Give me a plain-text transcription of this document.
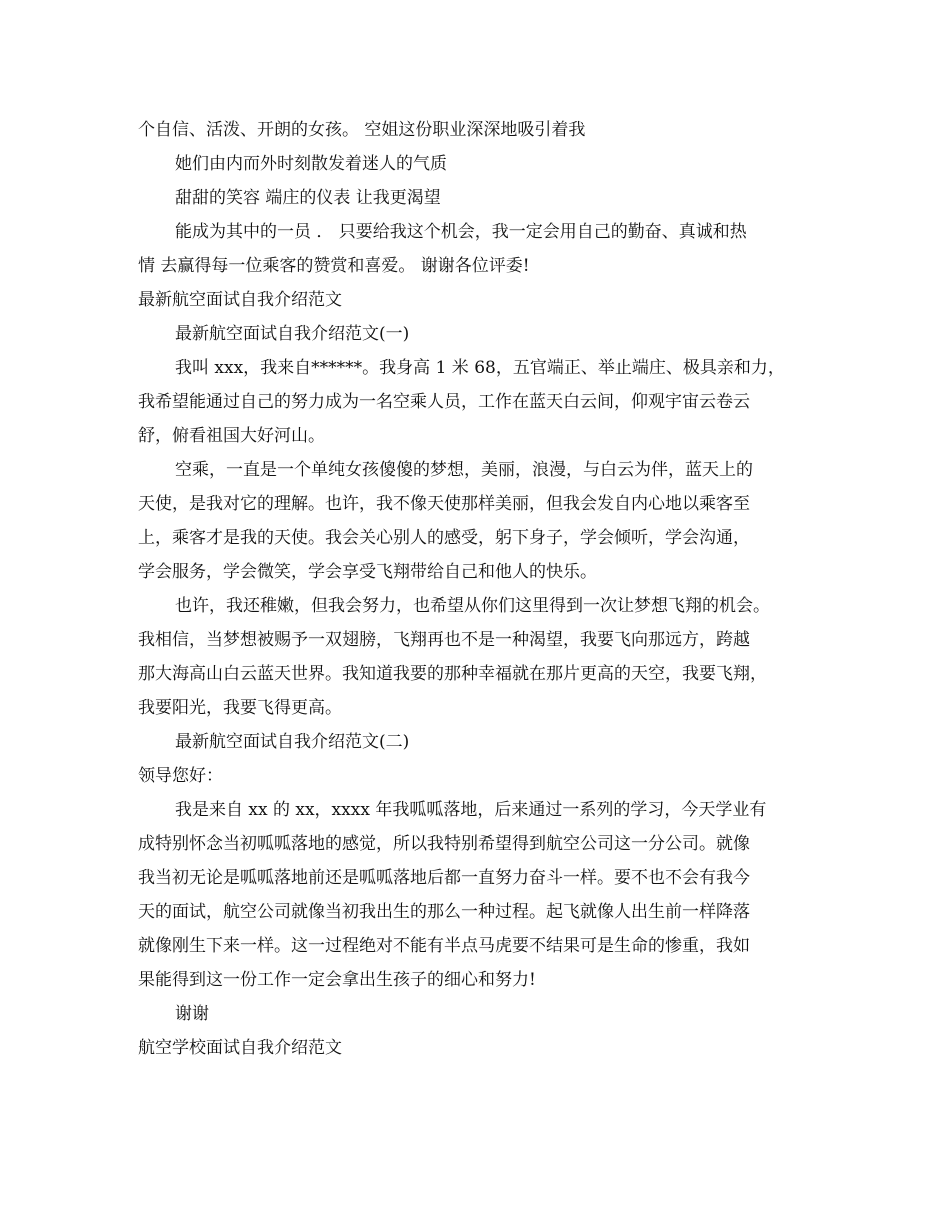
个自信、活泼、开朗的女孩。 空姐这份职业深深地吸引着我
她们由内而外时刻散发着迷人的气质
甜甜的笑容 端庄的仪表 让我更渴望
能成为其中的一员 ． 只要给我这个机会，我一定会用自己的勤奋、真诚和热
情 去赢得每一位乘客的赞赏和喜爱。 谢谢各位评委!
最新航空面试自我介绍范文
最新航空面试自我介绍范文(一)
我叫 xxx，我来自******。我身高 1 米 68，五官端正、举止端庄、极具亲和力，
我希望能通过自己的努力成为一名空乘人员，工作在蓝天白云间，仰观宇宙云卷云
舒，俯看祖国大好河山。
空乘，一直是一个单纯女孩傻傻的梦想，美丽，浪漫，与白云为伴，蓝天上的
天使，是我对它的理解。也许，我不像天使那样美丽，但我会发自内心地以乘客至
上，乘客才是我的天使。我会关心别人的感受，躬下身子，学会倾听，学会沟通，
学会服务，学会微笑，学会享受飞翔带给自己和他人的快乐。
也许，我还稚嫩，但我会努力，也希望从你们这里得到一次让梦想飞翔的机会。
我相信，当梦想被赐予一双翅膀，飞翔再也不是一种渴望，我要飞向那远方，跨越
那大海高山白云蓝天世界。我知道我要的那种幸福就在那片更高的天空，我要飞翔，
我要阳光，我要飞得更高。
最新航空面试自我介绍范文(二)
领导您好：
我是来自 xx 的 xx，xxxx 年我呱呱落地，后来通过一系列的学习，今天学业有
成特别怀念当初呱呱落地的感觉，所以我特别希望得到航空公司这一分公司。就像
我当初无论是呱呱落地前还是呱呱落地后都一直努力奋斗一样。要不也不会有我今
天的面试，航空公司就像当初我出生的那么一种过程。起飞就像人出生前一样降落
就像刚生下来一样。这一过程绝对不能有半点马虎要不结果可是生命的惨重，我如
果能得到这一份工作一定会拿出生孩子的细心和努力!
谢谢
航空学校面试自我介绍范文
